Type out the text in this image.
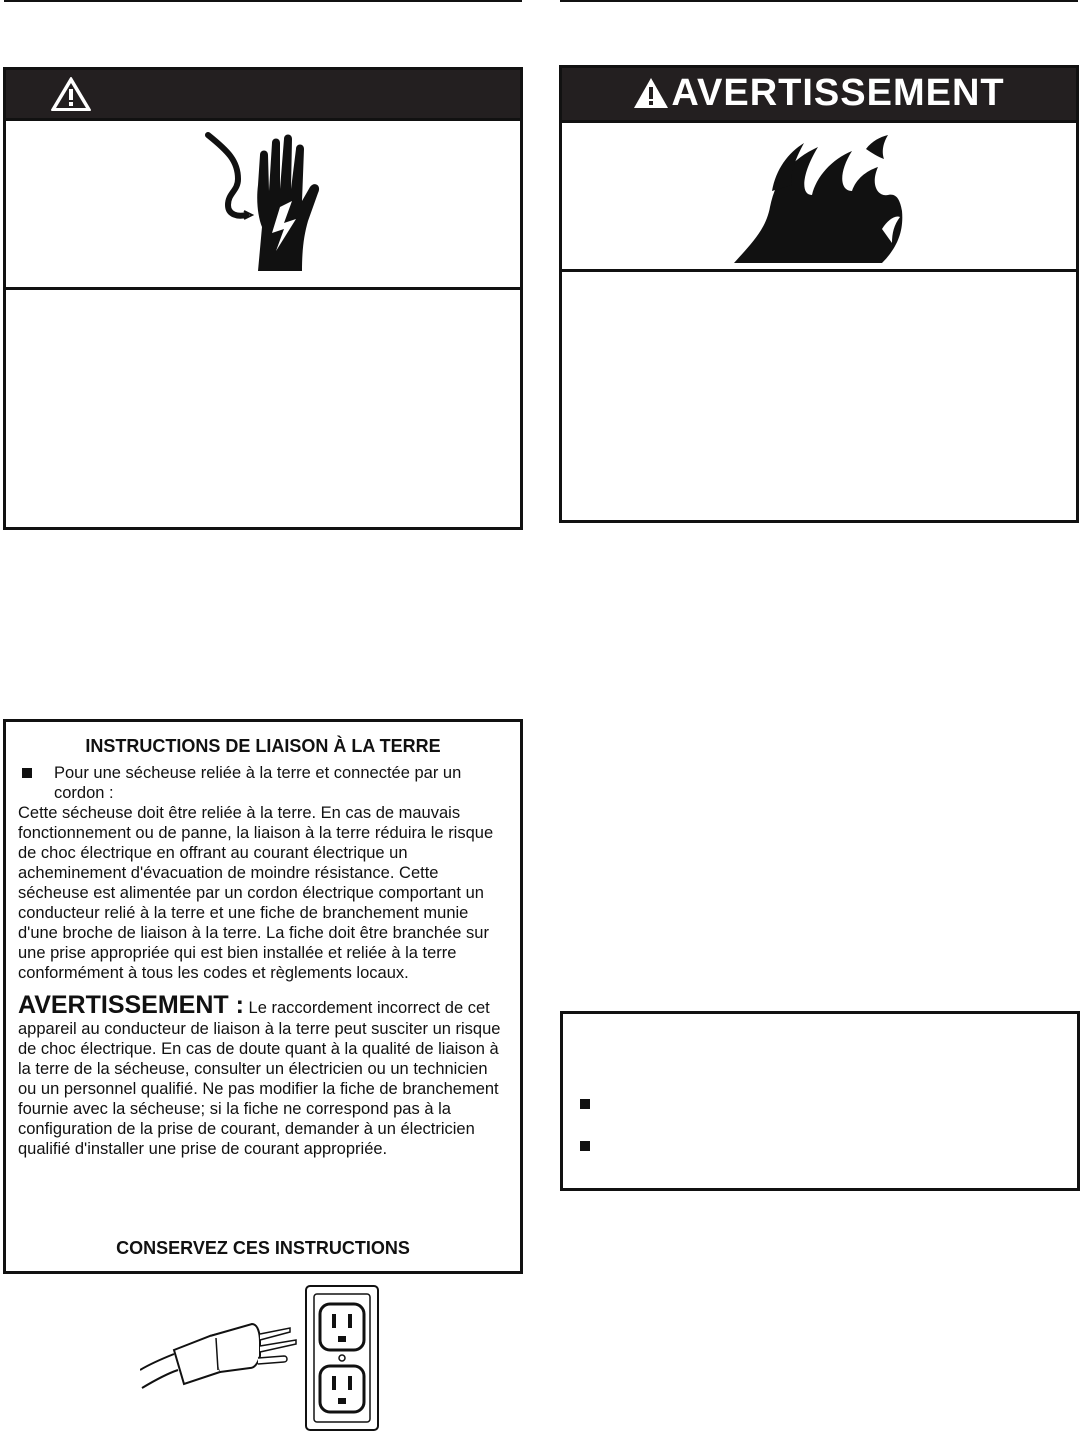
AVERTISSEMENT
INSTRUCTIONS DE LIAISON À LA TERRE
Pour une sécheuse reliée à la terre et connectée par un cordon :

Cette sécheuse doit être reliée à la terre. En cas de mauvais fonctionnement ou de panne, la liaison à la terre réduira le risque de choc électrique en offrant au courant électrique un acheminement d'évacuation de moindre résistance. Cette sécheuse est alimentée par un cordon électrique comportant un conducteur relié à la terre et une fiche de branchement munie d'une broche de liaison à la terre. La fiche doit être branchée sur une prise appropriée qui est bien installée et reliée à la terre conformément à tous les codes et règlements locaux.

AVERTISSEMENT : Le raccordement incorrect de cet appareil au conducteur de liaison à la terre peut susciter un risque de choc électrique. En cas de doute quant à la qualité de liaison à la terre de la sécheuse, consulter un électricien ou un technicien ou un personnel qualifié. Ne pas modifier la fiche de branchement fournie avec la sécheuse; si la fiche ne correspond pas à la configuration de la prise de courant, demander à un électricien qualifié d'installer une prise de courant appropriée.

CONSERVEZ CES INSTRUCTIONS
